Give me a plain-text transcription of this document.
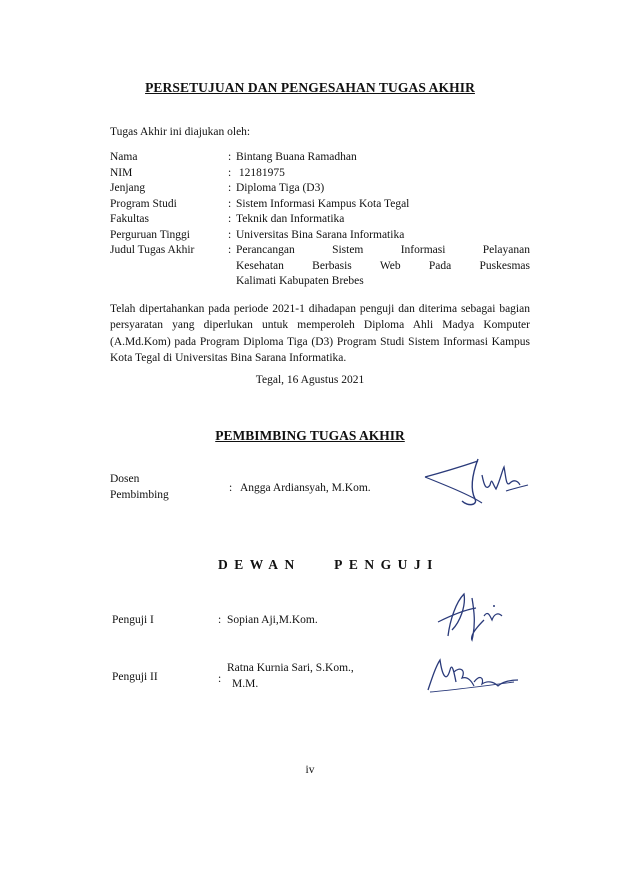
PERSETUJUAN DAN PENGESAHAN TUGAS AKHIR
Tugas Akhir ini diajukan oleh:
Nama	: Bintang Buana Ramadhan
NIM	: 12181975
Jenjang	: Diploma Tiga (D3)
Program Studi	: Sistem Informasi Kampus Kota Tegal
Fakultas	: Teknik dan Informatika
Perguruan Tinggi	: Universitas Bina Sarana Informatika
Judul Tugas Akhir	: Perancangan Sistem Informasi Pelayanan
Kesehatan Berbasis Web Pada Puskesmas
Kalimati Kabupaten Brebes
Telah dipertahankan pada periode 2021-1 dihadapan penguji dan diterima sebagai bagian persyaratan yang diperlukan untuk memperoleh Diploma Ahli Madya Komputer (A.Md.Kom) pada Program Diploma Tiga (D3) Program Studi Sistem Informasi Kampus Kota Tegal di Universitas Bina Sarana Informatika.
Tegal, 16 Agustus 2021
PEMBIMBING TUGAS AKHIR
Dosen
Pembimbing
: Angga Ardiansyah, M.Kom.
DEWAN PENGUJI
Penguji I	: Sopian Aji,M.Kom.
Penguji II	:
Ratna Kurnia Sari, S.Kom.,
M.M.
iv
